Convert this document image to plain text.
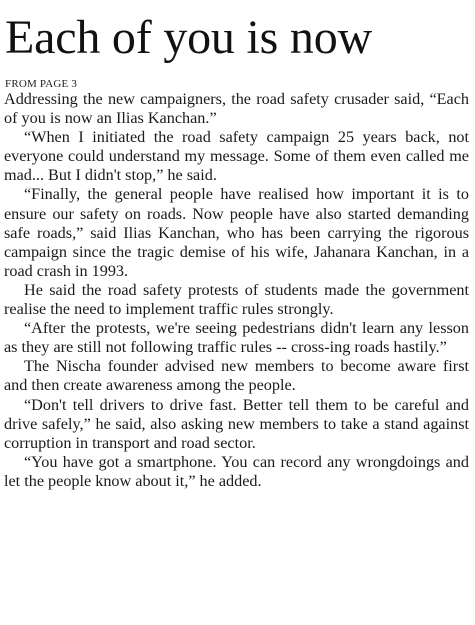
Each of you is now
FROM PAGE 3

Addressing the new campaigners, the road safety crusader said, “Each of you is now an Ilias Kanchan.”

“When I initiated the road safety campaign 25 years back, not everyone could understand my message. Some of them even called me mad... But I didn't stop,” he said.

“Finally, the general people have realised how important it is to ensure our safety on roads. Now people have also started demanding safe roads,” said Ilias Kanchan, who has been carrying the rigorous campaign since the tragic demise of his wife, Jahanara Kanchan, in a road crash in 1993.

He said the road safety protests of students made the government realise the need to implement traffic rules strongly.

“After the protests, we're seeing pedestrians didn't learn any lesson as they are still not following traffic rules -- cross-ing roads hastily.”

The Nischa founder advised new members to become aware first and then create awareness among the people.

“Don't tell drivers to drive fast. Better tell them to be careful and drive safely,” he said, also asking new members to take a stand against corruption in transport and road sector.

“You have got a smartphone. You can record any wrongdoings and let the people know about it,” he added.
